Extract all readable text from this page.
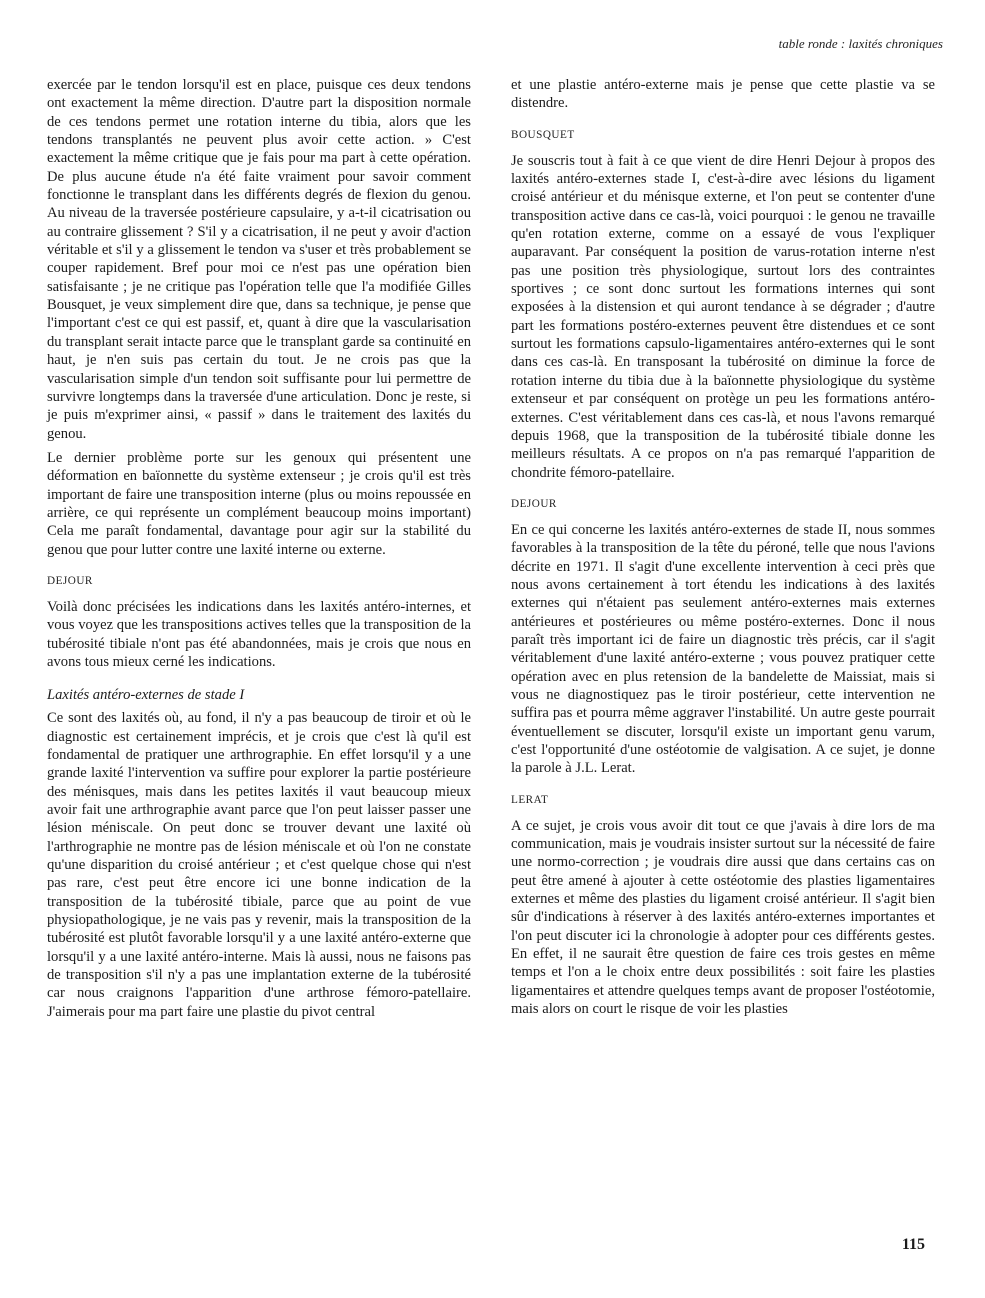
table ronde : laxités chroniques

exercée par le tendon lorsqu'il est en place, puisque ces deux tendons ont exactement la même direction. D'autre part la disposition normale de ces tendons permet une rotation interne du tibia, alors que les tendons transplantés ne peuvent plus avoir cette action. » C'est exactement la même critique que je fais pour ma part à cette opération. De plus aucune étude n'a été faite vraiment pour savoir comment fonctionne le transplant dans les différents degrés de flexion du genou. Au niveau de la traversée postérieure capsulaire, y a-t-il cicatrisation ou au contraire glissement ? S'il y a cicatrisation, il ne peut y avoir d'action véritable et s'il y a glissement le tendon va s'user et très probablement se couper rapidement. Bref pour moi ce n'est pas une opération bien satisfaisante ; je ne critique pas l'opération telle que l'a modifiée Gilles Bousquet, je veux simplement dire que, dans sa technique, je pense que l'important c'est ce qui est passif, et, quant à dire que la vascularisation du transplant serait intacte parce que le transplant garde sa continuité en haut, je n'en suis pas certain du tout. Je ne crois pas que la vascularisation simple d'un tendon soit suffisante pour lui permettre de survivre longtemps dans la traversée d'une articulation. Donc je reste, si je puis m'exprimer ainsi, « passif » dans le traitement des laxités du genou.

Le dernier problème porte sur les genoux qui présentent une déformation en baïonnette du système extenseur ; je crois qu'il est très important de faire une transposition interne (plus ou moins repoussée en arrière, ce qui représente un complément beaucoup moins important) Cela me paraît fondamental, davantage pour agir sur la stabilité du genou que pour lutter contre une laxité interne ou externe.

DEJOUR

Voilà donc précisées les indications dans les laxités antéro-internes, et vous voyez que les transpositions actives telles que la transposition de la tubérosité tibiale n'ont pas été abandonnées, mais je crois que nous en avons tous mieux cerné les indications.

Laxités antéro-externes de stade I

Ce sont des laxités où, au fond, il n'y a pas beaucoup de tiroir et où le diagnostic est certainement imprécis, et je crois que c'est là qu'il est fondamental de pratiquer une arthrographie. En effet lorsqu'il y a une grande laxité l'intervention va suffire pour explorer la partie postérieure des ménisques, mais dans les petites laxités il vaut beaucoup mieux avoir fait une arthrographie avant parce que l'on peut laisser passer une lésion méniscale. On peut donc se trouver devant une laxité où l'arthrographie ne montre pas de lésion méniscale et où l'on ne constate qu'une disparition du croisé antérieur ; et c'est quelque chose qui n'est pas rare, c'est peut être encore ici une bonne indication de la transposition de la tubérosité tibiale, parce que au point de vue physiopathologique, je ne vais pas y revenir, mais la transposition de la tubérosité est plutôt favorable lorsqu'il y a une laxité antéro-externe que lorsqu'il y a une laxité antéro-interne. Mais là aussi, nous ne faisons pas de transposition s'il n'y a pas une implantation externe de la tubérosité car nous craignons l'apparition d'une arthrose fémoro-patellaire. J'aimerais pour ma part faire une plastie du pivot central

et une plastie antéro-externe mais je pense que cette plastie va se distendre.

BOUSQUET

Je souscris tout à fait à ce que vient de dire Henri Dejour à propos des laxités antéro-externes stade I, c'est-à-dire avec lésions du ligament croisé antérieur et du ménisque externe, et l'on peut se contenter d'une transposition active dans ce cas-là, voici pourquoi : le genou ne travaille qu'en rotation externe, comme on a essayé de vous l'expliquer auparavant. Par conséquent la position de varus-rotation interne n'est pas une position très physiologique, surtout lors des contraintes sportives ; ce sont donc surtout les formations internes qui sont exposées à la distension et qui auront tendance à se dégrader ; d'autre part les formations postéro-externes peuvent être distendues et ce sont surtout les formations capsulo-ligamentaires antéro-externes qui le sont dans ces cas-là. En transposant la tubérosité on diminue la force de rotation interne du tibia due à la baïonnette physiologique du système extenseur et par conséquent on protège un peu les formations antéro-externes. C'est véritablement dans ces cas-là, et nous l'avons remarqué depuis 1968, que la transposition de la tubérosité tibiale donne les meilleurs résultats. A ce propos on n'a pas remarqué l'apparition de chondrite fémoro-patellaire.

DEJOUR

En ce qui concerne les laxités antéro-externes de stade II, nous sommes favorables à la transposition de la tête du péroné, telle que nous l'avions décrite en 1971. Il s'agit d'une excellente intervention à ceci près que nous avons certainement à tort étendu les indications à des laxités externes qui n'étaient pas seulement antéro-externes mais externes antérieures et postérieures ou même postéro-externes. Donc il nous paraît très important ici de faire un diagnostic très précis, car il s'agit véritablement d'une laxité antéro-externe ; vous pouvez pratiquer cette opération avec en plus retension de la bandelette de Maissiat, mais si vous ne diagnostiquez pas le tiroir postérieur, cette intervention ne suffira pas et pourra même aggraver l'instabilité. Un autre geste pourrait éventuellement se discuter, lorsqu'il existe un important genu varum, c'est l'opportunité d'une ostéotomie de valgisation. A ce sujet, je donne la parole à J.L. Lerat.

LERAT

A ce sujet, je crois vous avoir dit tout ce que j'avais à dire lors de ma communication, mais je voudrais insister surtout sur la nécessité de faire une normo-correction ; je voudrais dire aussi que dans certains cas on peut être amené à ajouter à cette ostéotomie des plasties ligamentaires externes et même des plasties du ligament croisé antérieur. Il s'agit bien sûr d'indications à réserver à des laxités antéro-externes importantes et l'on peut discuter ici la chronologie à adopter pour ces différents gestes. En effet, il ne saurait être question de faire ces trois gestes en même temps et l'on a le choix entre deux possibilités : soit faire les plasties ligamentaires et attendre quelques temps avant de proposer l'ostéotomie, mais alors on court le risque de voir les plasties

115
